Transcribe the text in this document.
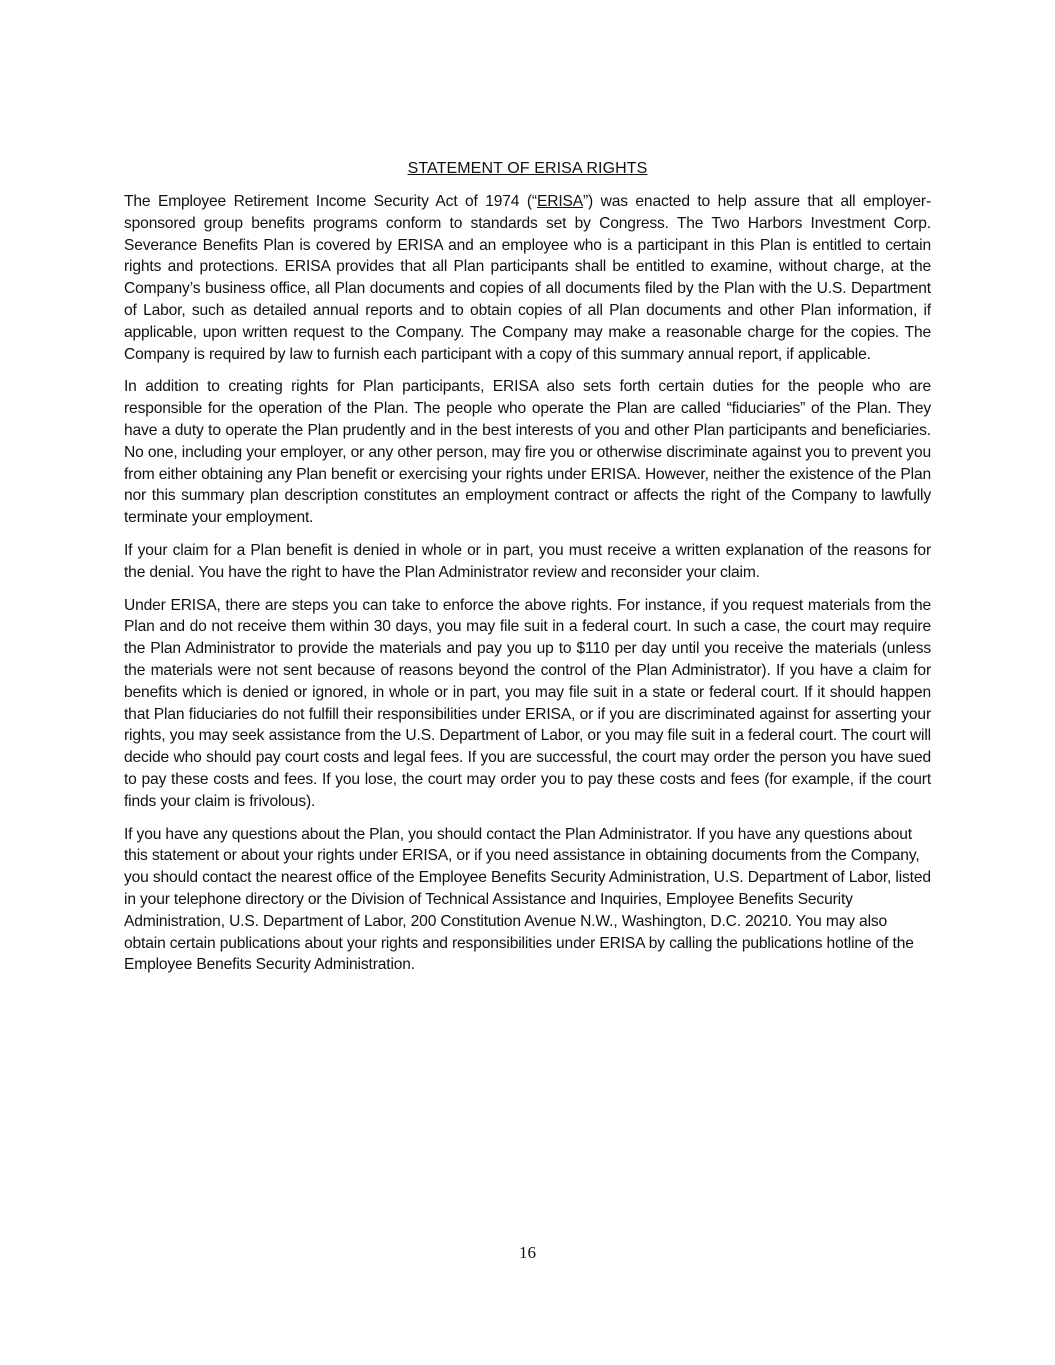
STATEMENT OF ERISA RIGHTS

The Employee Retirement Income Security Act of 1974 (“ERISA”) was enacted to help assure that all employer-sponsored group benefits programs conform to standards set by Congress. The Two Harbors Investment Corp. Severance Benefits Plan is covered by ERISA and an employee who is a participant in this Plan is entitled to certain rights and protections. ERISA provides that all Plan participants shall be entitled to examine, without charge, at the Company’s business office, all Plan documents and copies of all documents filed by the Plan with the U.S. Department of Labor, such as detailed annual reports and to obtain copies of all Plan documents and other Plan information, if applicable, upon written request to the Company. The Company may make a reasonable charge for the copies. The Company is required by law to furnish each participant with a copy of this summary annual report, if applicable.

In addition to creating rights for Plan participants, ERISA also sets forth certain duties for the people who are responsible for the operation of the Plan. The people who operate the Plan are called “fiduciaries” of the Plan. They have a duty to operate the Plan prudently and in the best interests of you and other Plan participants and beneficiaries. No one, including your employer, or any other person, may fire you or otherwise discriminate against you to prevent you from either obtaining any Plan benefit or exercising your rights under ERISA. However, neither the existence of the Plan nor this summary plan description constitutes an employment contract or affects the right of the Company to lawfully terminate your employment.

If your claim for a Plan benefit is denied in whole or in part, you must receive a written explanation of the reasons for the denial. You have the right to have the Plan Administrator review and reconsider your claim.

Under ERISA, there are steps you can take to enforce the above rights. For instance, if you request materials from the Plan and do not receive them within 30 days, you may file suit in a federal court. In such a case, the court may require the Plan Administrator to provide the materials and pay you up to $110 per day until you receive the materials (unless the materials were not sent because of reasons beyond the control of the Plan Administrator). If you have a claim for benefits which is denied or ignored, in whole or in part, you may file suit in a state or federal court. If it should happen that Plan fiduciaries do not fulfill their responsibilities under ERISA, or if you are discriminated against for asserting your rights, you may seek assistance from the U.S. Department of Labor, or you may file suit in a federal court. The court will decide who should pay court costs and legal fees. If you are successful, the court may order the person you have sued to pay these costs and fees. If you lose, the court may order you to pay these costs and fees (for example, if the court finds your claim is frivolous).

If you have any questions about the Plan, you should contact the Plan Administrator. If you have any questions about this statement or about your rights under ERISA, or if you need assistance in obtaining documents from the Company, you should contact the nearest office of the Employee Benefits Security Administration, U.S. Department of Labor, listed in your telephone directory or the Division of Technical Assistance and Inquiries, Employee Benefits Security Administration, U.S. Department of Labor, 200 Constitution Avenue N.W., Washington, D.C. 20210. You may also obtain certain publications about your rights and responsibilities under ERISA by calling the publications hotline of the Employee Benefits Security Administration.

16
